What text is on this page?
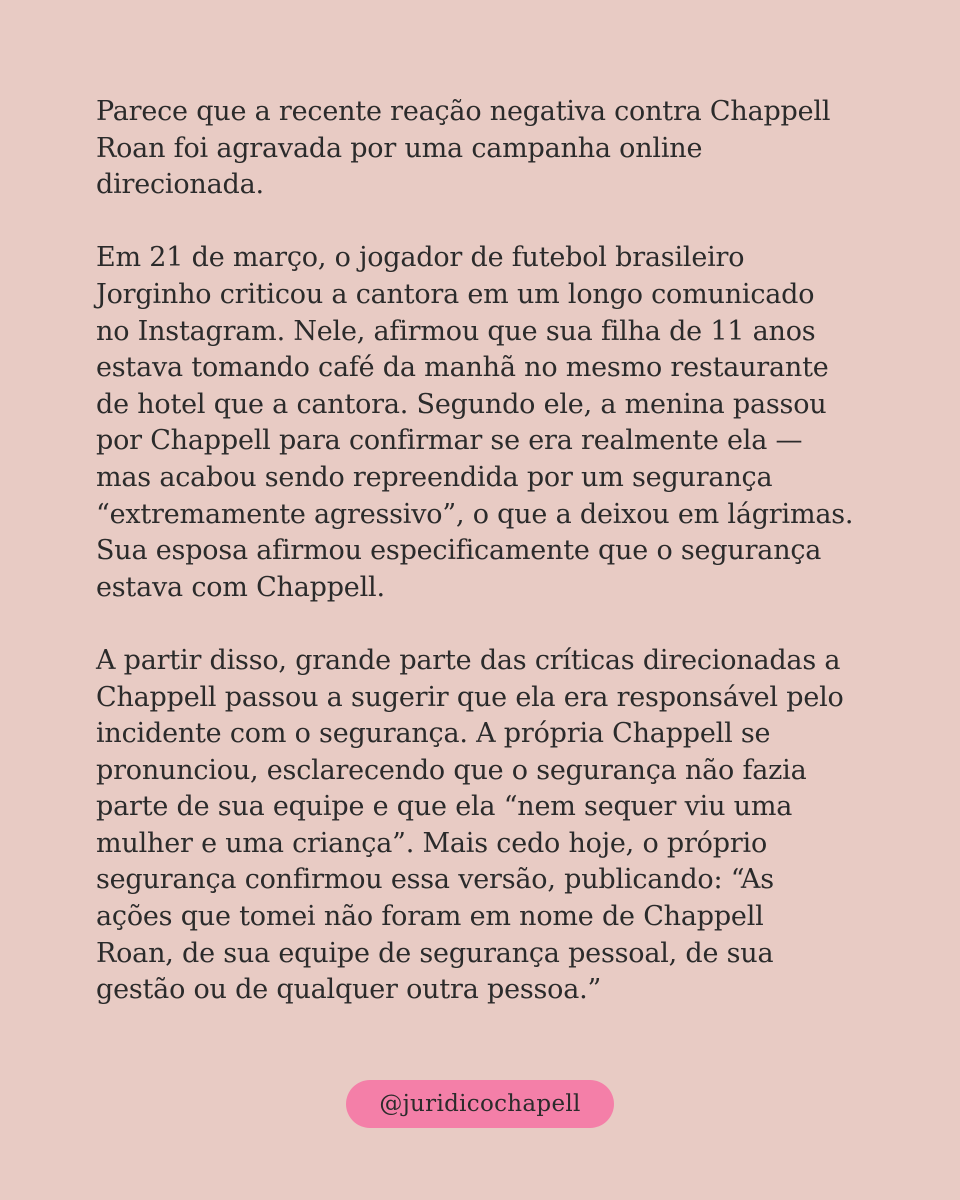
Parece que a recente reação negativa contra Chappell
Roan foi agravada por uma campanha online
direcionada.

Em 21 de março, o jogador de futebol brasileiro
Jorginho criticou a cantora em um longo comunicado
no Instagram. Nele, afirmou que sua filha de 11 anos
estava tomando café da manhã no mesmo restaurante
de hotel que a cantora. Segundo ele, a menina passou
por Chappell para confirmar se era realmente ela —
mas acabou sendo repreendida por um segurança
“extremamente agressivo”, o que a deixou em lágrimas.
Sua esposa afirmou especificamente que o segurança
estava com Chappell.

A partir disso, grande parte das críticas direcionadas a
Chappell passou a sugerir que ela era responsável pelo
incidente com o segurança. A própria Chappell se
pronunciou, esclarecendo que o segurança não fazia
parte de sua equipe e que ela “nem sequer viu uma
mulher e uma criança”. Mais cedo hoje, o próprio
segurança confirmou essa versão, publicando: “As
ações que tomei não foram em nome de Chappell
Roan, de sua equipe de segurança pessoal, de sua
gestão ou de qualquer outra pessoa.”

@juridicochapell
